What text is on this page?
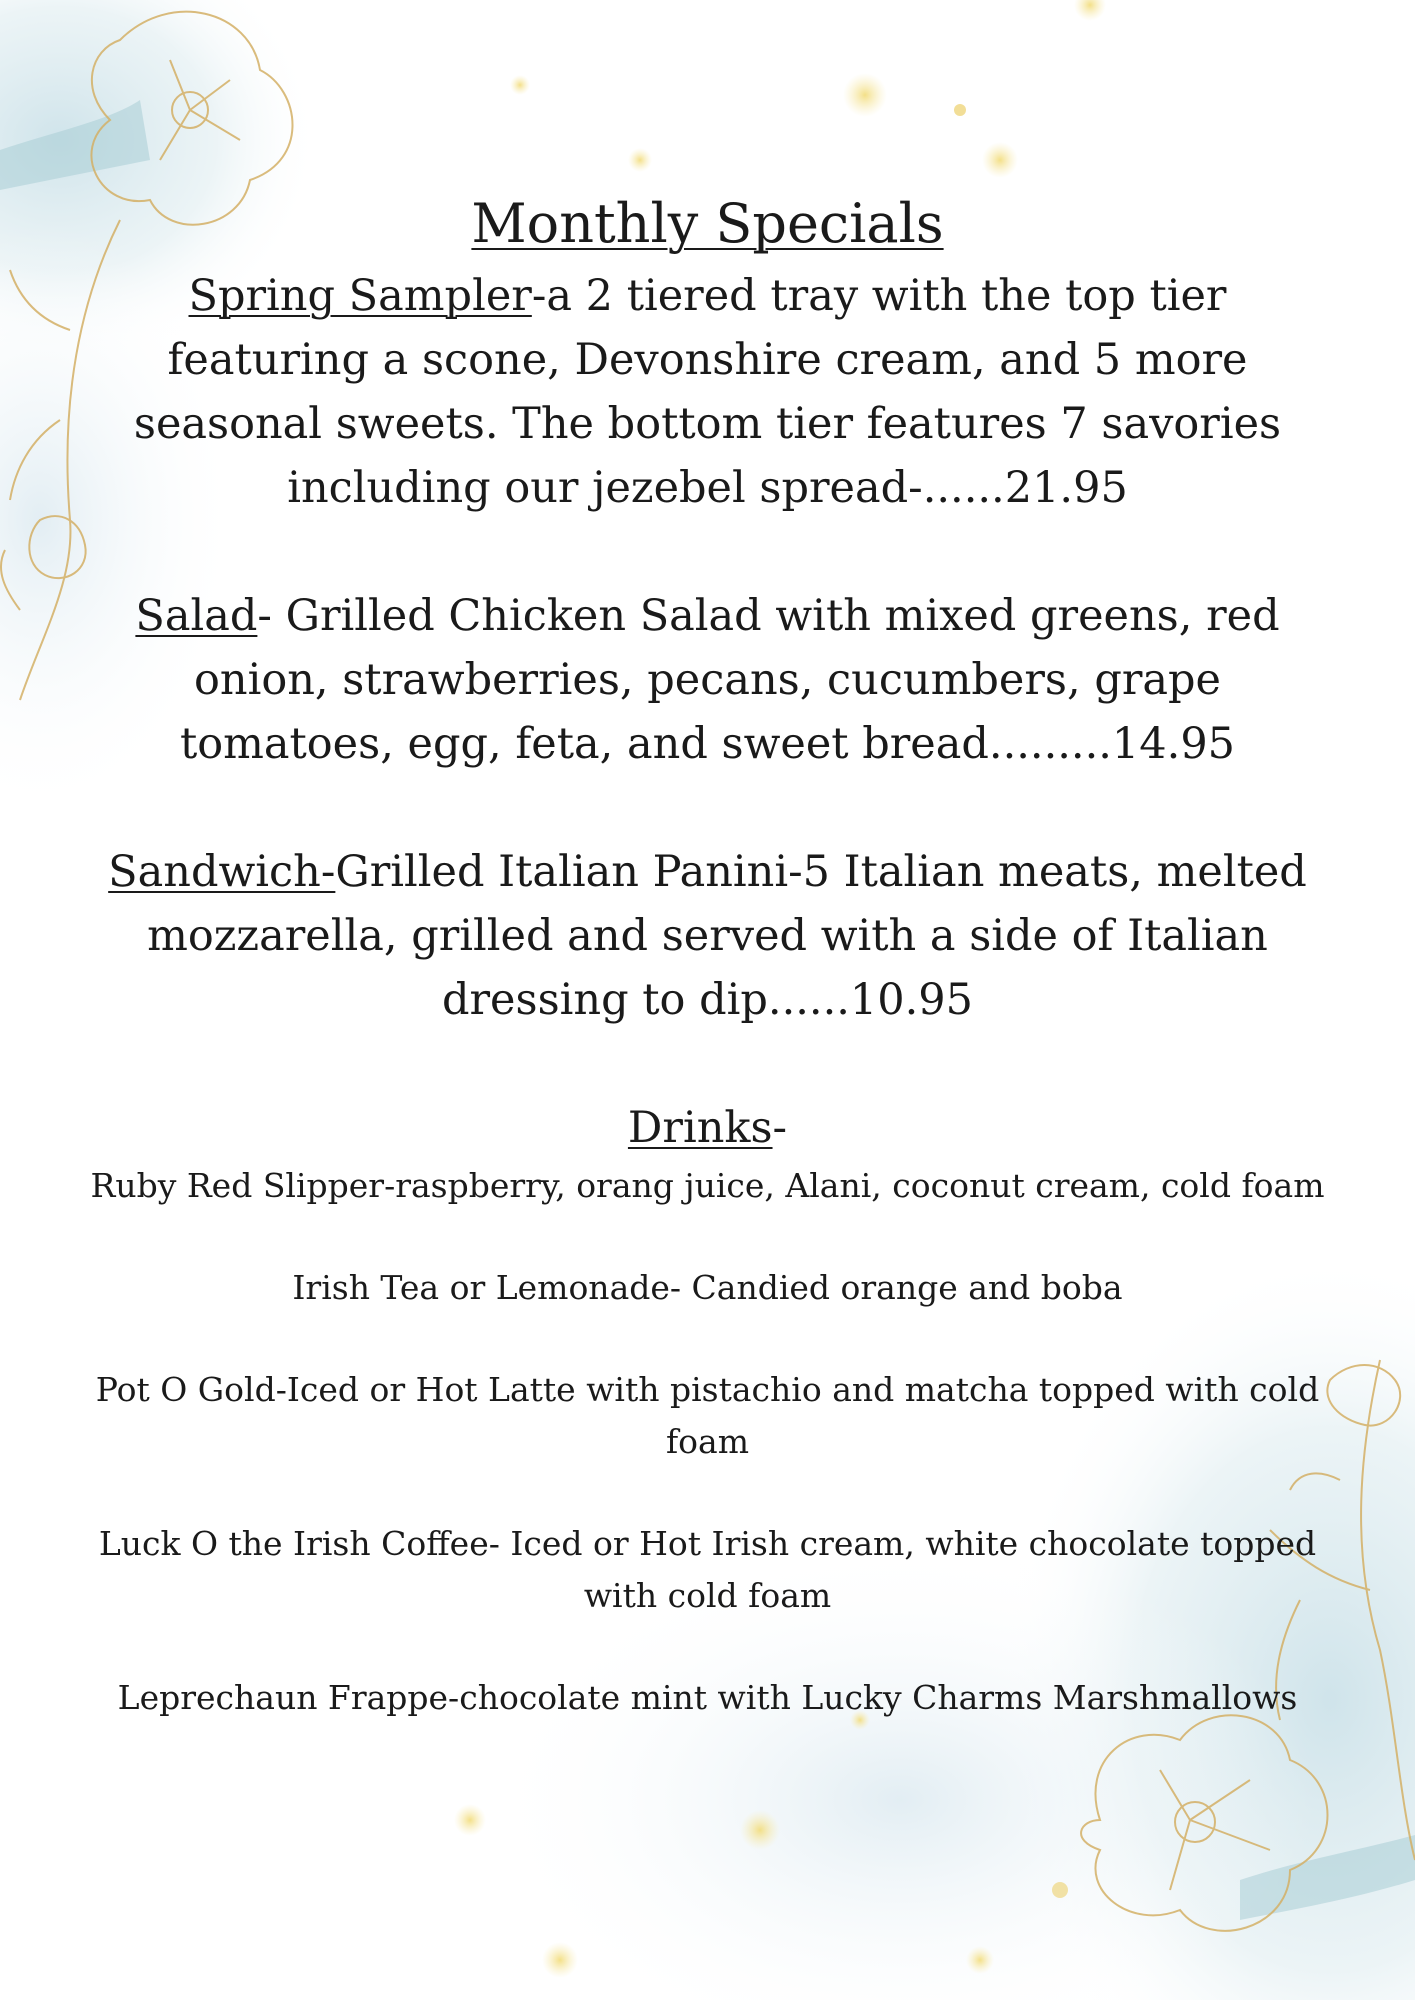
Monthly Specials

Spring Sampler-a 2 tiered tray with the top tier featuring a scone, Devonshire cream, and 5 more seasonal sweets. The bottom tier features 7 savories including our jezebel spread-......21.95

Salad- Grilled Chicken Salad with mixed greens, red onion, strawberries, pecans, cucumbers, grape tomatoes, egg, feta, and sweet bread.........14.95

Sandwich-Grilled Italian Panini-5 Italian meats, melted mozzarella, grilled and served with a side of Italian dressing to dip......10.95

Drinks-

Ruby Red Slipper-raspberry, orang juice, Alani, coconut cream, cold foam

Irish Tea or Lemonade- Candied orange and boba

Pot O Gold-Iced or Hot Latte with pistachio and matcha topped with cold foam

Luck O the Irish Coffee- Iced or Hot Irish cream, white chocolate topped with cold foam

Leprechaun Frappe-chocolate mint with Lucky Charms Marshmallows
